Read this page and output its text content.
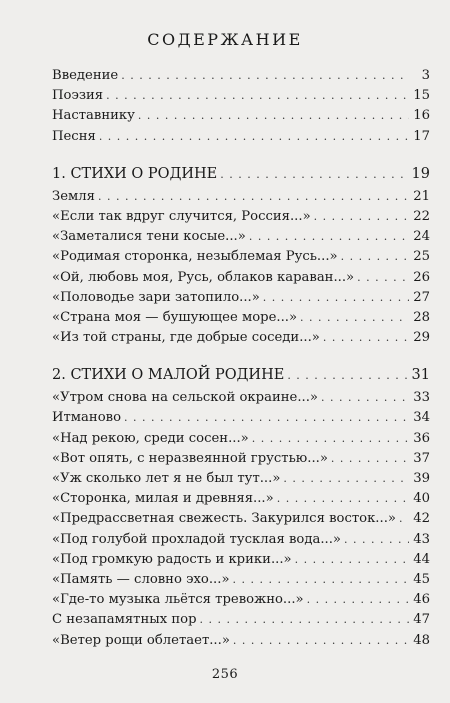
СОДЕРЖАНИЕ
Введение . . .	3
Поэзия . . .	15
Наставнику . . .	16
Песня . . .	17
1. СТИХИ О РОДИНЕ . . .	19
Земля . . .	21
«Если так вдруг случится, Россия...» . . .	22
«Заметалися тени косые...» . . .	24
«Родимая сторонка, незыблемая Русь...» . . .	25
«Ой, любовь моя, Русь, облаков караван...» . . .	26
«Половодье зари затопило...» . . .	27
«Страна моя — бушующее море...» . . .	28
«Из той страны, где добрые соседи...» . . .	29
2. СТИХИ О МАЛОЙ РОДИНЕ . . .	31
«Утром снова на сельской окраине...» . . .	33
Итманово . . .	34
«Над рекою, среди сосен...» . . .	36
«Вот опять, с неразвеянной грустью...» . . .	37
«Уж сколько лет я не был тут...» . . .	39
«Сторонка, милая и древняя...» . . .	40
«Предрассветная свежесть. Закурился восток...» . . .	42
«Под голубой прохладой тусклая вода...» . . .	43
«Под громкую радость и крики...» . . .	44
«Память — словно эхо...» . . .	45
«Где-то музыка льётся тревожно...» . . .	46
С незапамятных пор . . .	47
«Ветер рощи облетает...» . . .	48
256
